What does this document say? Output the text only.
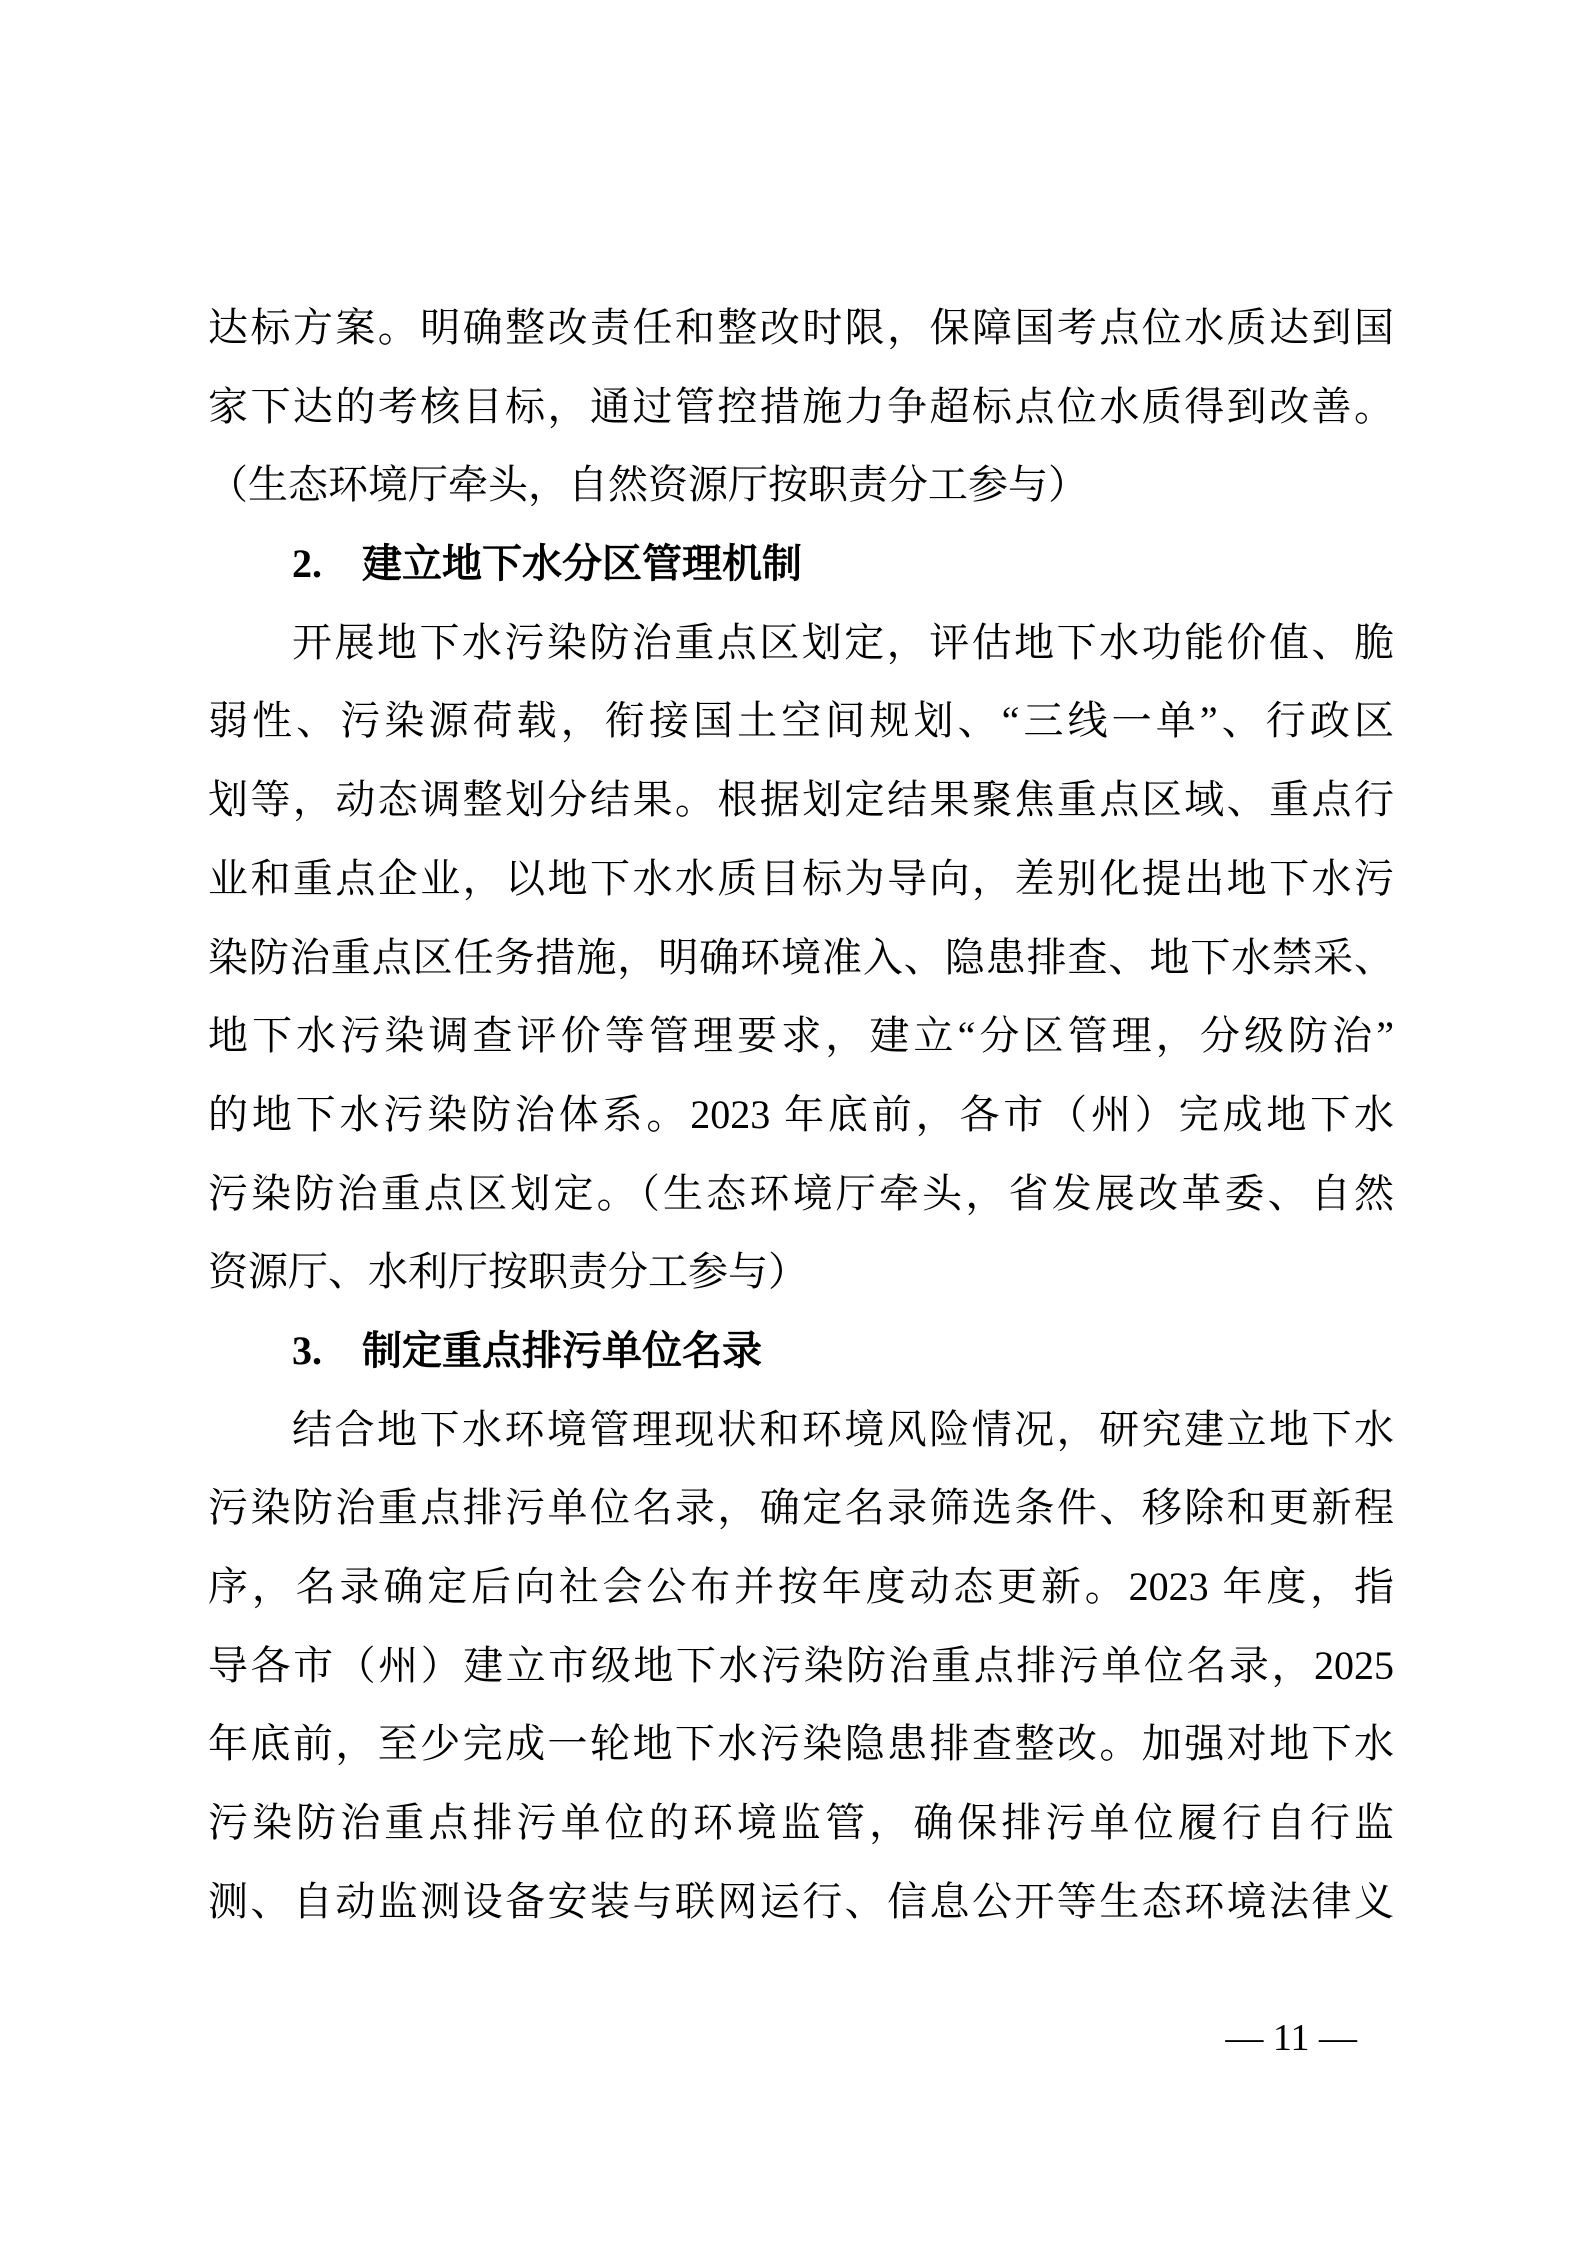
达标方案。明确整改责任和整改时限，保障国考点位水质达到国
家下达的考核目标，通过管控措施力争超标点位水质得到改善。
（生态环境厅牵头，自然资源厅按职责分工参与）
2.　建立地下水分区管理机制
开展地下水污染防治重点区划定，评估地下水功能价值、脆
弱性、污染源荷载，衔接国土空间规划、“三线一单”、行政区
划等，动态调整划分结果。根据划定结果聚焦重点区域、重点行
业和重点企业，以地下水水质目标为导向，差别化提出地下水污
染防治重点区任务措施，明确环境准入、隐患排查、地下水禁采、
地下水污染调查评价等管理要求，建立“分区管理，分级防治”
的地下水污染防治体系。2023 年底前，各市（州）完成地下水
污染防治重点区划定。（生态环境厅牵头，省发展改革委、自然
资源厅、水利厅按职责分工参与）
3.　制定重点排污单位名录
结合地下水环境管理现状和环境风险情况，研究建立地下水
污染防治重点排污单位名录，确定名录筛选条件、移除和更新程
序，名录确定后向社会公布并按年度动态更新。2023 年度，指
导各市（州）建立市级地下水污染防治重点排污单位名录，2025
年底前，至少完成一轮地下水污染隐患排查整改。加强对地下水
污染防治重点排污单位的环境监管，确保排污单位履行自行监
测、自动监测设备安装与联网运行、信息公开等生态环境法律义
— 11 —
